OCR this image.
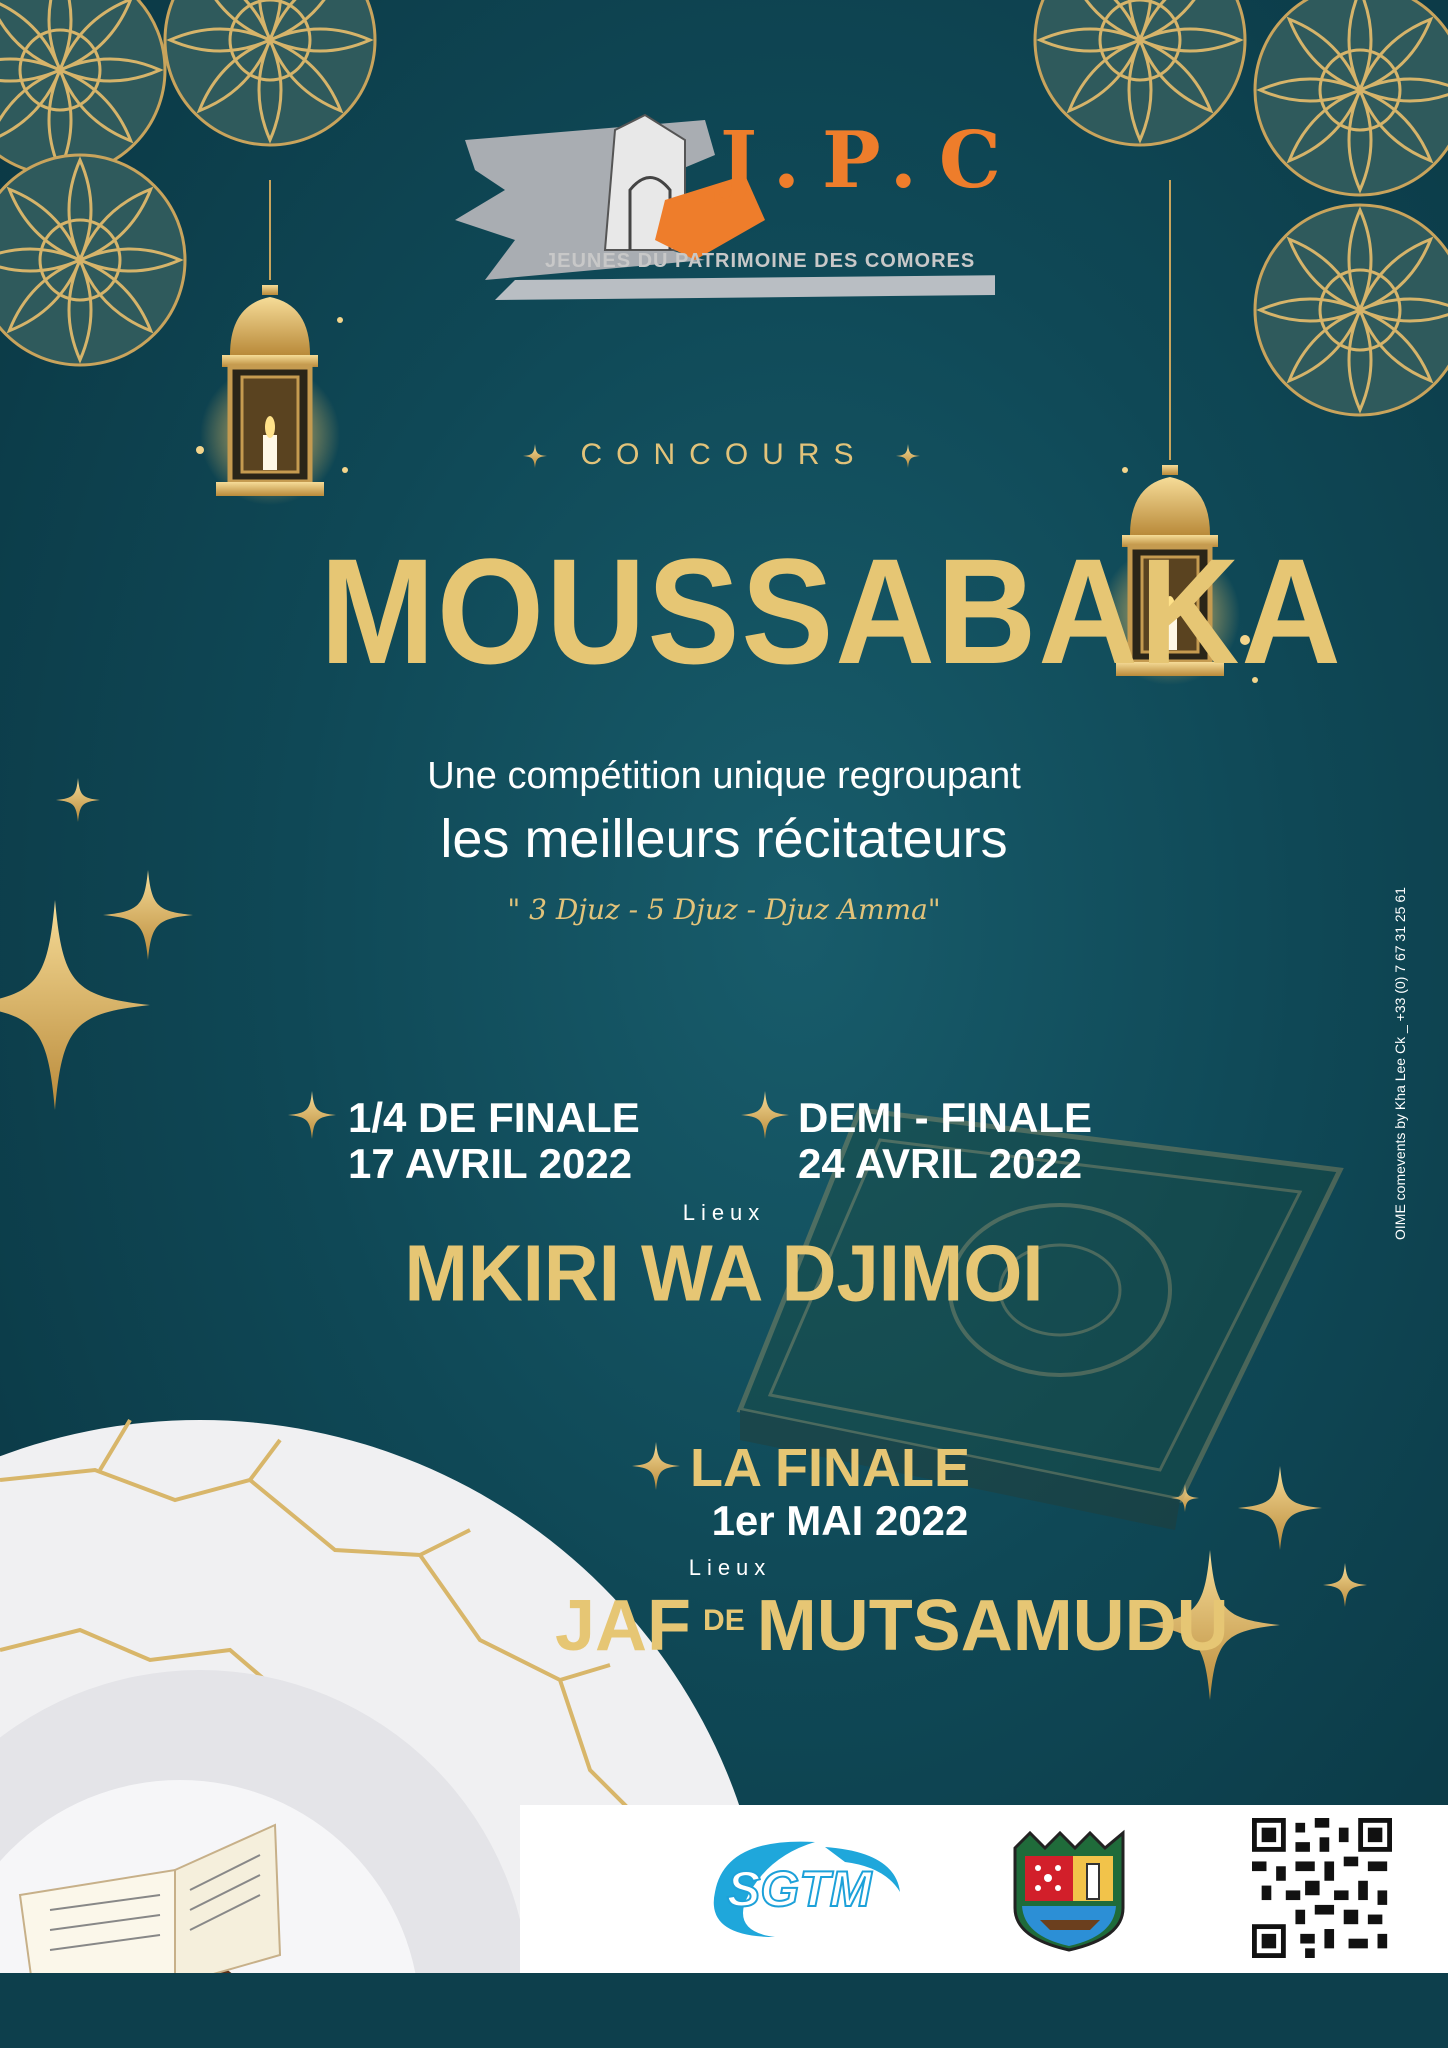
J.P.C
JEUNES DU PATRIMOINE DES COMORES
CONCOURS
MOUSSABAKA
Une compétition unique regroupant
les meilleurs récitateurs
" 3 Djuz - 5 Djuz - Djuz Amma"
1/4 DE FINALE
17 AVRIL 2022
DEMI - FINALE
24 AVRIL 2022
Lieux
MKIRI WA DJIMOI
LA FINALE
1er MAI 2022
Lieux
JAF $^{DE}$ MUTSAMUDU
OIME comevents by Kha Lee Ck _ +33 (0) 7 67 31 25 61
SGTM
